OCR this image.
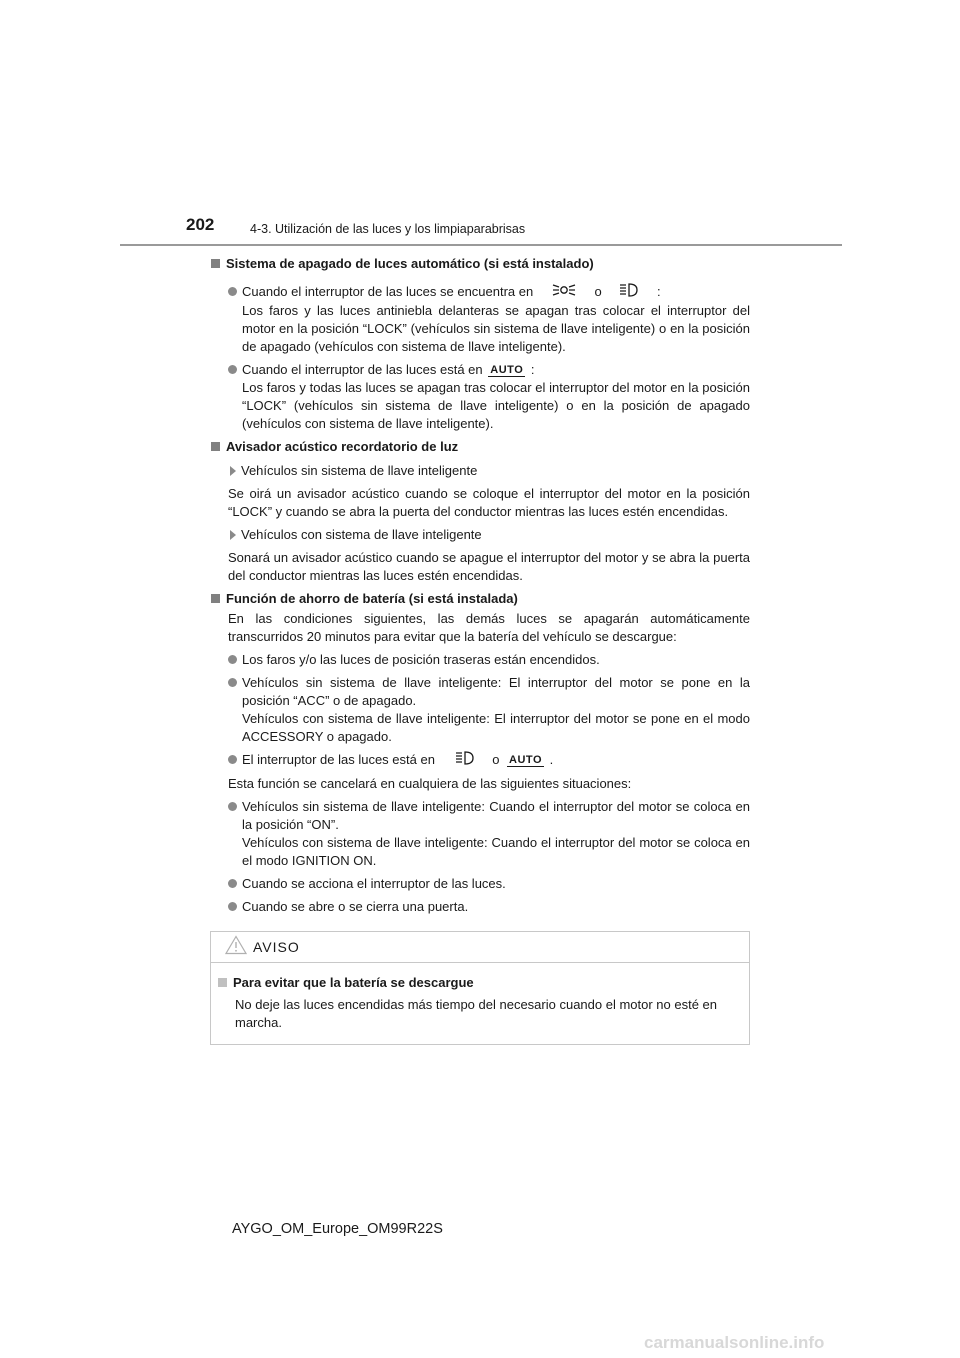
202	4-3. Utilización de las luces y los limpiaparabrisas
Sistema de apagado de luces automático (si está instalado)
Cuando el interruptor de las luces se encuentra en	o	:
Los faros y las luces antiniebla delanteras se apagan tras colocar el interruptor del motor en la posición “LOCK” (vehículos sin sistema de llave inteligente) o en la posición de apagado (vehículos con sistema de llave inteligente).
Cuando el interruptor de las luces está en AUTO :
Los faros y todas las luces se apagan tras colocar el interruptor del motor en la posición “LOCK” (vehículos sin sistema de llave inteligente) o en la posición de apagado (vehículos con sistema de llave inteligente).
Avisador acústico recordatorio de luz
Vehículos sin sistema de llave inteligente
Se oirá un avisador acústico cuando se coloque el interruptor del motor en la posición “LOCK” y cuando se abra la puerta del conductor mientras las luces estén encendidas.
Vehículos con sistema de llave inteligente
Sonará un avisador acústico cuando se apague el interruptor del motor y se abra la puerta del conductor mientras las luces estén encendidas.
Función de ahorro de batería (si está instalada)
En las condiciones siguientes, las demás luces se apagarán automáticamente transcurridos 20 minutos para evitar que la batería del vehículo se descargue:
Los faros y/o las luces de posición traseras están encendidos.
Vehículos sin sistema de llave inteligente: El interruptor del motor se pone en la posición “ACC” o de apagado.
Vehículos con sistema de llave inteligente: El interruptor del motor se pone en el modo ACCESSORY o apagado.
El interruptor de las luces está en	o AUTO .
Esta función se cancelará en cualquiera de las siguientes situaciones:
Vehículos sin sistema de llave inteligente: Cuando el interruptor del motor se coloca en la posición “ON”.
Vehículos con sistema de llave inteligente: Cuando el interruptor del motor se coloca en el modo IGNITION ON.
Cuando se acciona el interruptor de las luces.
Cuando se abre o se cierra una puerta.
AVISO
Para evitar que la batería se descargue
No deje las luces encendidas más tiempo del necesario cuando el motor no esté en marcha.
AYGO_OM_Europe_OM99R22S
carmanualsonline.info
